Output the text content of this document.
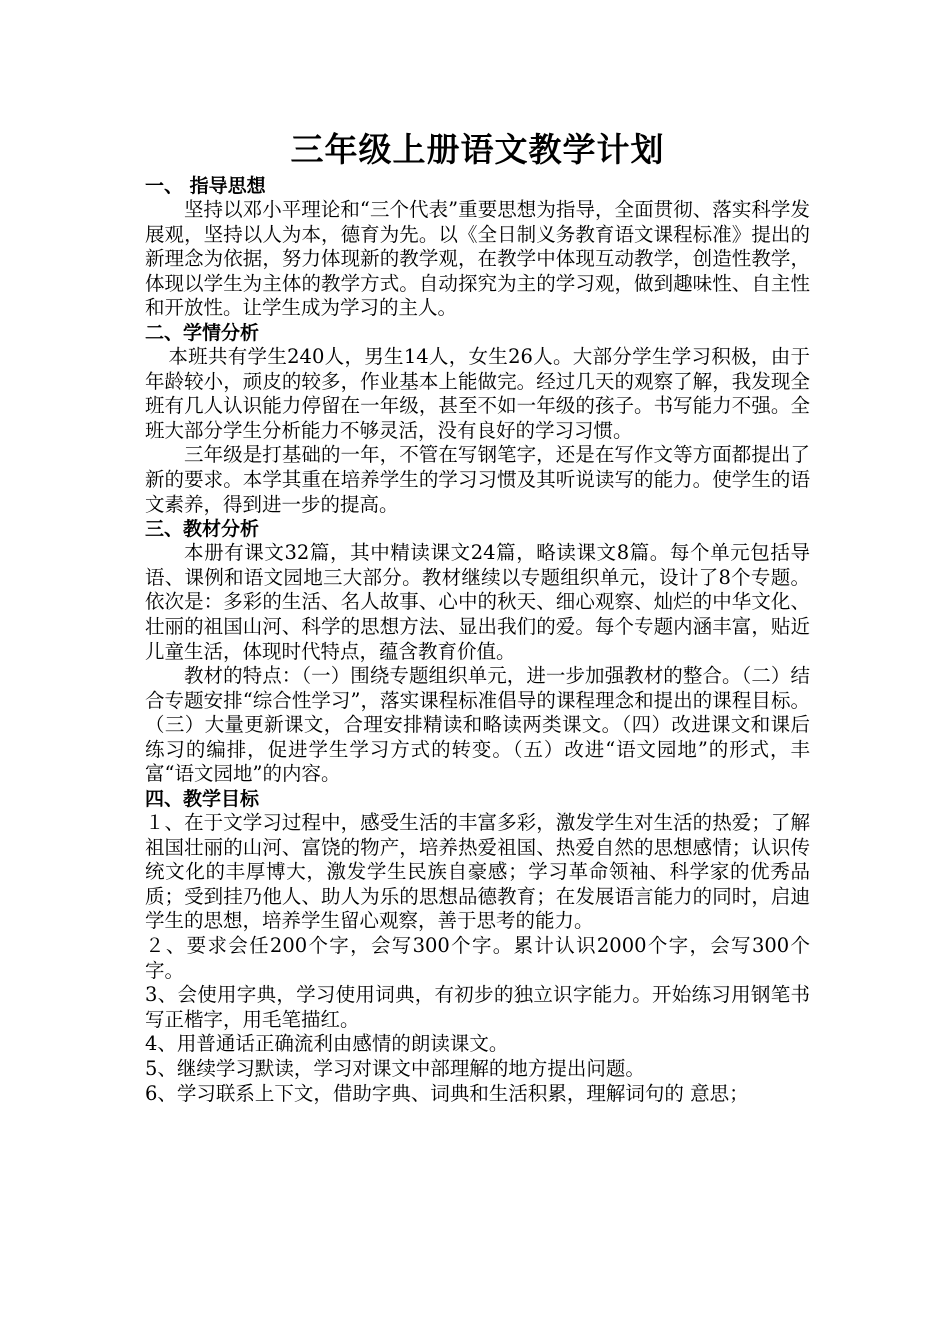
三年级上册语文教学计划

一、 指导思想

坚持以邓小平理论和“三个代表”重要思想为指导，全面贯彻、落实科学发展观，坚持以人为本，德育为先。以《全日制义务教育语文课程标准》提出的新理念为依据，努力体现新的教学观，在教学中体现互动教学，创造性教学，体现以学生为主体的教学方式。自动探究为主的学习观，做到趣味性、自主性和开放性。让学生成为学习的主人。

二、学情分析

本班共有学生240人，男生14人，女生26人。大部分学生学习积极，由于年龄较小，顽皮的较多，作业基本上能做完。经过几天的观察了解，我发现全班有几人认识能力停留在一年级，甚至不如一年级的孩子。书写能力不强。全班大部分学生分析能力不够灵活，没有良好的学习习惯。

三年级是打基础的一年，不管在写钢笔字，还是在写作文等方面都提出了新的要求。本学其重在培养学生的学习习惯及其听说读写的能力。使学生的语文素养，得到进一步的提高。

三、教材分析

本册有课文32篇，其中精读课文24篇，略读课文8篇。每个单元包括导语、课例和语文园地三大部分。教材继续以专题组织单元，设计了8个专题。依次是：多彩的生活、名人故事、心中的秋天、细心观察、灿烂的中华文化、壮丽的祖国山河、科学的思想方法、显出我们的爱。每个专题内涵丰富，贴近儿童生活，体现时代特点，蕴含教育价值。

教材的特点：（一）围绕专题组织单元，进一步加强教材的整合。（二）结合专题安排“综合性学习”，落实课程标准倡导的课程理念和提出的课程目标。（三）大量更新课文，合理安排精读和略读两类课文。（四）改进课文和课后练习的编排，促进学生学习方式的转变。（五）改进“语文园地”的形式，丰富“语文园地”的内容。

四、教学目标

１、在于文学习过程中，感受生活的丰富多彩，激发学生对生活的热爱；了解祖国壮丽的山河、富饶的物产，培养热爱祖国、热爱自然的思想感情；认识传统文化的丰厚博大，激发学生民族自豪感；学习革命领袖、科学家的优秀品质；受到挂乃他人、助人为乐的思想品德教育；在发展语言能力的同时，启迪学生的思想，培养学生留心观察，善于思考的能力。

２、要求会任200个字，会写300个字。累计认识2000个字，会写300个字。

3、会使用字典，学习使用词典，有初步的独立识字能力。开始练习用钢笔书写正楷字，用毛笔描红。

4、用普通话正确流利由感情的朗读课文。

5、继续学习默读，学习对课文中部理解的地方提出问题。

6、学习联系上下文，借助字典、词典和生活积累，理解词句的 意思；
